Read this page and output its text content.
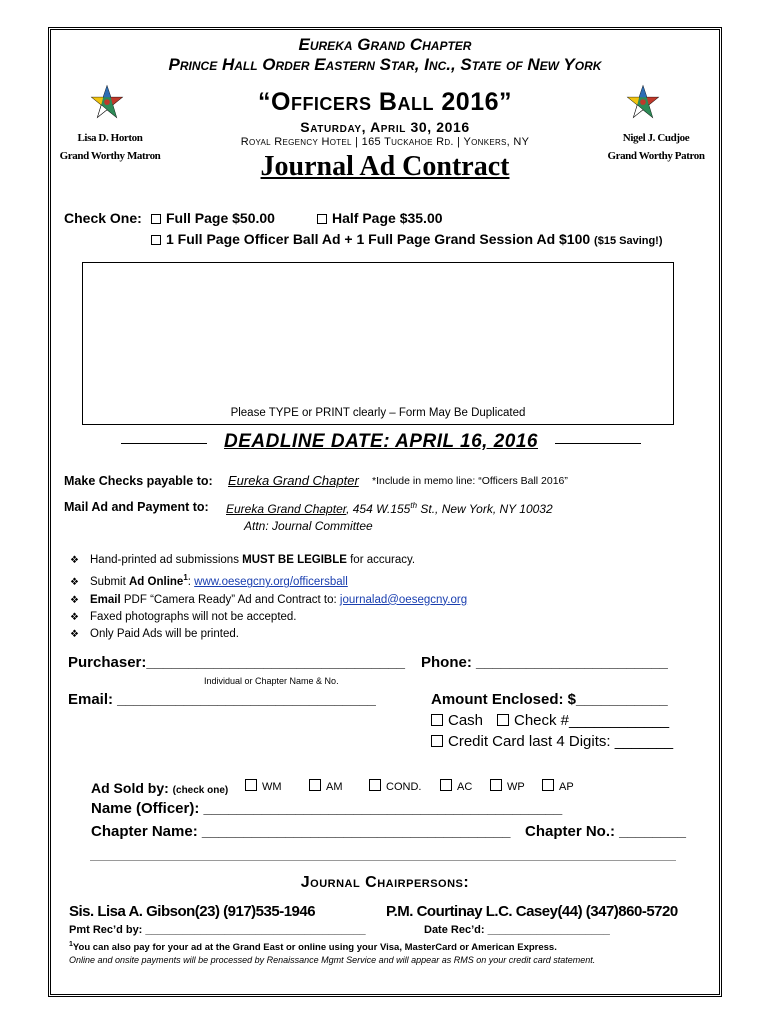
Eureka Grand Chapter
Prince Hall Order Eastern Star, Inc., State of New York
Lisa D. Horton
Grand Worthy Matron
Nigel J. Cudjoe
Grand Worthy Patron
“Officers Ball 2016”
Saturday, April 30, 2016
Royal Regency Hotel | 165 Tuckahoe Rd. | Yonkers, NY
Journal Ad Contract
Check One:	Full Page $50.00	Half Page $35.00
1 Full Page Officer Ball Ad + 1 Full Page Grand Session Ad $100 ($15 Saving!)
Please TYPE or PRINT clearly – Form May Be Duplicated
DEADLINE DATE: APRIL 16, 2016
Make Checks payable to: Eureka Grand Chapter *Include in memo line: “Officers Ball 2016”
Mail Ad and Payment to: Eureka Grand Chapter, 454 W.155th St., New York, NY 10032
Attn: Journal Committee
❖ Hand-printed ad submissions MUST BE LEGIBLE for accuracy.
❖ Submit Ad Online$^1$: www.oesegcny.org/officersball
❖ Email PDF “Camera Ready” Ad and Contract to: journalad@oesegcny.org
❖ Faxed photographs will not be accepted.
❖ Only Paid Ads will be printed.
Purchaser:_______________________________
Individual or Chapter Name & No.
Phone: _______________________
Email: _______________________________	Amount Enclosed: $___________
Cash	Check #____________
Credit Card last 4 Digits: _______
Ad Sold by: (check one)	WM	AM	COND.	AC	WP	AP
Name (Officer): ___________________________________________
Chapter Name: _____________________________________ Chapter No.: ________
Journal Chairpersons:
Sis. Lisa A. Gibson(23) (917)535-1946	P.M. Courtinay L.C. Casey(44) (347)860-5720
Pmt Rec’d by: ____________________________________	Date Rec’d: ____________________
$^1$You can also pay for your ad at the Grand East or online using your Visa, MasterCard or American Express.
Online and onsite payments will be processed by Renaissance Mgmt Service and will appear as RMS on your credit card statement.
